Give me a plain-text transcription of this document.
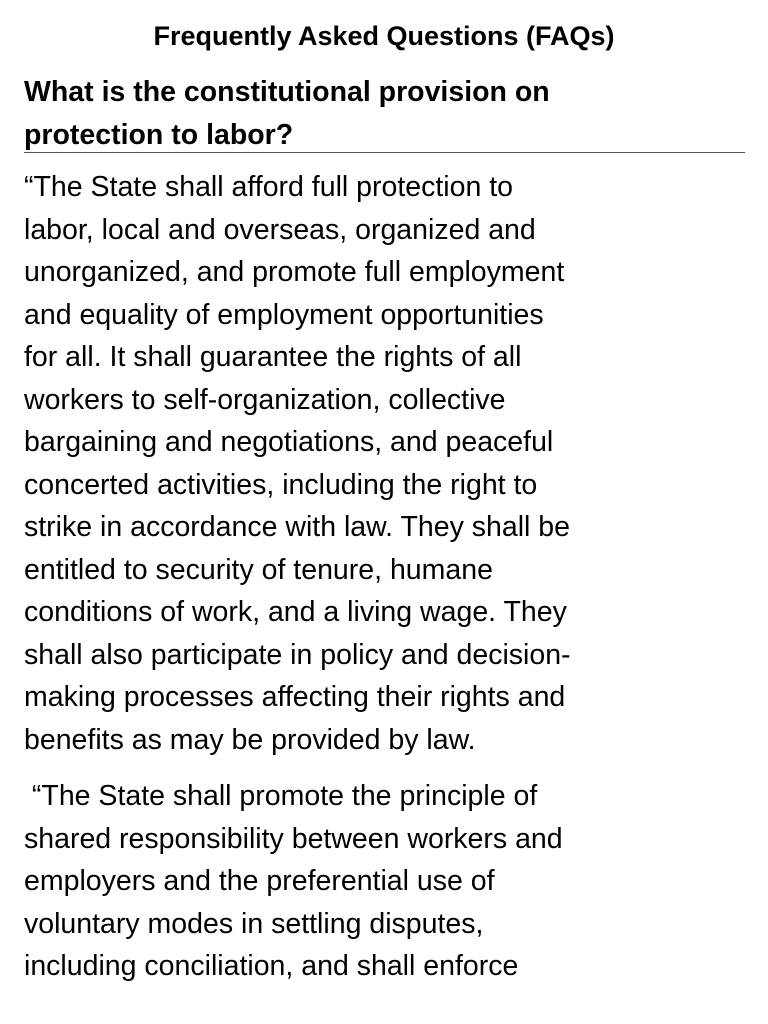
Frequently Asked Questions (FAQs)
What is the constitutional provision on
protection to labor?
“The State shall afford full protection to
labor, local and overseas, organized and
unorganized, and promote full employment
and equality of employment opportunities
for all. It shall guarantee the rights of all
workers to self-organization, collective
bargaining and negotiations, and peaceful
concerted activities, including the right to
strike in accordance with law. They shall be
entitled to security of tenure, humane
conditions of work, and a living wage. They
shall also participate in policy and decision-
making processes affecting their rights and
benefits as may be provided by law.
“The State shall promote the principle of
shared responsibility between workers and
employers and the preferential use of
voluntary modes in settling disputes,
including conciliation, and shall enforce
